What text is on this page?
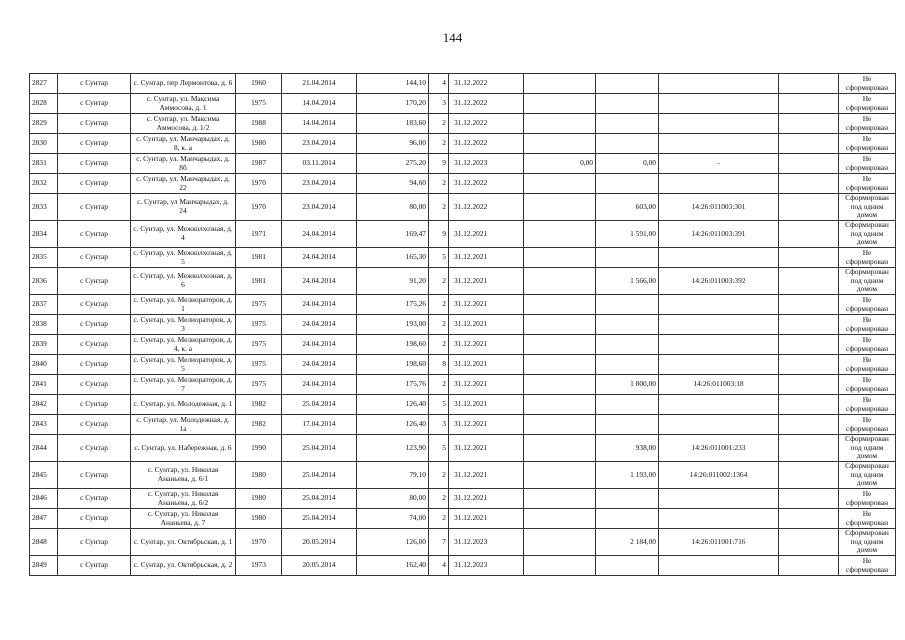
144
2827	с Сунтар	с. Сунтар, пер Лермонтова, д. 6	1960	21.04.2014	144,10	4	31.12.2022					Не сформирован
2828	с Сунтар	с. Сунтар, ул. Максима Аммосова, д. 1	1975	14.04.2014	170,20	3	31.12.2022					Не сформирован
2829	с Сунтар	с. Сунтар, ул. Максима Аммосова, д. 1/2	1988	14.04.2014	183,60	2	31.12.2022					Не сформирован
2830	с Сунтар	с. Сунтар, ул. Манчарыдах, д. 8, к. а	1980	23.04.2014	96,00	2	31.12.2022					Не сформирован
2831	с Сунтар	с. Сунтар, ул. Манчарыдах, д. 8б	1987	03.11.2014	275,20	9	31.12.2023	0,00	0,00	-		Не сформирован
2832	с Сунтар	с. Сунтар, ул. Манчарыдах, д. 22	1970	23.04.2014	94,60	2	31.12.2022					Не сформирован
2833	с Сунтар	с. Сунтар, ул Манчарыдах, д. 24	1970	23.04.2014	80,00	2	31.12.2022		603,00	14:26:011003:301		Сформирован под одним домом
2834	с Сунтар	с. Сунтар, ул. Межколхозная, д. 4	1971	24.04.2014	169,47	9	31.12.2021		1 591,00	14:26:011003:391		Сформирован под одним домом
2835	с Сунтар	с. Сунтар, ул. Межколхозная, д. 5	1981	24.04.2014	165,30	5	31.12.2021					Не сформирован
2836	с Сунтар	с. Сунтар, ул. Межколхозная, д. 6	1981	24.04.2014	91,20	2	31.12.2021		1 566,00	14:26:011003:392		Сформирован под одним домом
2837	с Сунтар	с. Сунтар, ул. Мелиораторов, д. 1	1975	24.04.2014	175,26	2	31.12.2021					Не сформирован
2838	с Сунтар	с. Сунтар, ул. Мелиораторов, д. 3	1975	24.04.2014	193,00	2	31.12.2021					Не сформирован
2839	с Сунтар	с. Сунтар, ул. Мелиораторов, д. 4, к. а	1975	24.04.2014	198,60	2	31.12.2021					Не сформирован
2840	с Сунтар	с. Сунтар, ул. Мелиораторов, д. 5	1975	24.04.2014	198,60	8	31.12.2021					Не сформирован
2841	с Сунтар	с. Сунтар, ул. Мелиораторов, д. 7	1975	24.04.2014	175,76	2	31.12.2021		1 800,00	14:26:011003:18		Не сформирован
2842	с Сунтар	с. Сунтар, ул. Молодежная, д. 1	1982	25.04.2014	126,40	5	31.12.2021					Не сформирован
2843	с Сунтар	с. Сунтар, ул. Молодежная, д. 1а	1982	17.04.2014	126,40	3	31.12.2021					Не сформирован
2844	с Сунтар	с. Сунтар, ул. Набережная, д. 6	1990	25.04.2014	123,90	5	31.12.2021		938,00	14:26:011001:233		Сформирован под одним домом
2845	с Сунтар	с. Сунтар, ул. Николая Ананьева, д. 6/1	1980	25.04.2014	79,10	2	31.12.2021		1 193,00	14:26:011002:1364		Сформирован под одним домом
2846	с Сунтар	с. Сунтар, ул. Николая Ананьева, д. 6/2	1980	25.04.2014	80,00	2	31.12.2021					Не сформирован
2847	с Сунтар	с. Сунтар, ул. Николая Ананьева, д. 7	1980	25.04.2014	74,00	2	31.12.2021					Не сформирован
2848	с Сунтар	с. Сунтар, ул. Октябрьская, д. 1	1970	20.05.2014	126,00	7	31.12.2023		2 184,00	14:26:011001:716		Сформирован под одним домом
2849	с Сунтар	с. Сунтар, ул. Октябрьская, д. 2	1973	20.05.2014	162,40	4	31.12.2023					Не сформирован
